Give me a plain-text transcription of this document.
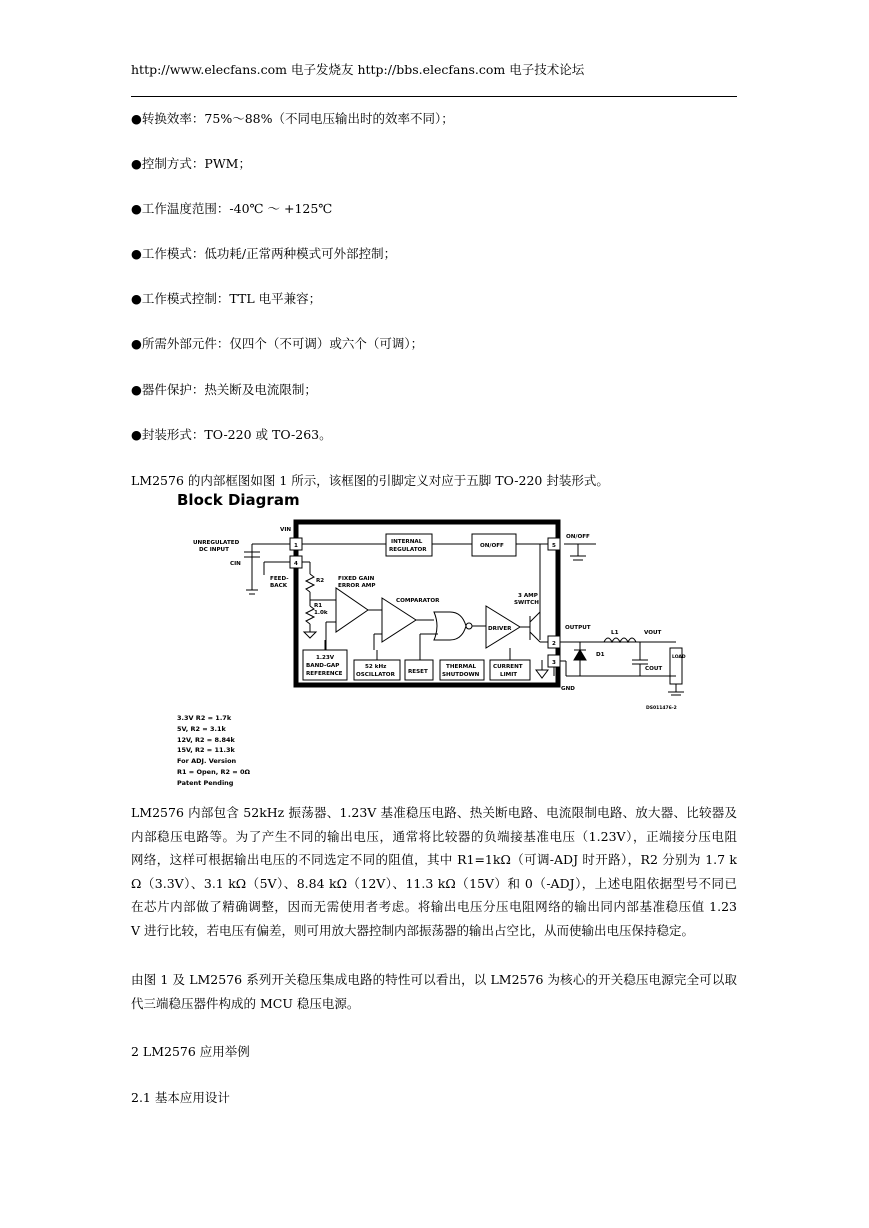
http://www.elecfans.com 电子发烧友 http://bbs.elecfans.com 电子技术论坛
●转换效率：75%～88%（不同电压输出时的效率不同）；
●控制方式：PWM；
●工作温度范围：-40℃ ～ +125℃
●工作模式：低功耗/正常两种模式可外部控制；
●工作模式控制：TTL 电平兼容；
●所需外部元件：仅四个（不可调）或六个（可调）；
●器件保护：热关断及电流限制；
●封装形式：TO-220 或 TO-263。
LM2576 的内部框图如图 1 所示，该框图的引脚定义对应于五脚 TO-220 封装形式。
Block Diagram
VIN
UNREGULATED
DC INPUT
CIN
FEED-
BACK
INTERNAL
REGULATOR
ON/OFF
ON/OFF
R2
R1
1.0k
FIXED GAIN
ERROR AMP
COMPARATOR
3 AMP
SWITCH
DRIVER	OUTPUT
L1	VOUT
D1
COUT
LOAD
GND
1.23V
BAND-GAP
REFERENCE
52 kHz
OSCILLATOR RESET
THERMAL
SHUTDOWN
CURRENT
LIMIT
DS011476-2
1
4
5
2
3
3.3V R2 = 1.7k
5V, R2 = 3.1k
12V, R2 = 8.84k
15V, R2 = 11.3k
For ADJ. Version
R1 = Open, R2 = 0Ω
Patent Pending
LM2576 内部包含 52kHz 振荡器、1.23V 基准稳压电路、热关断电路、电流限制电路、放大器、比较器及
内部稳压电路等。为了产生不同的输出电压，通常将比较器的负端接基准电压（1.23V），正端接分压电阻
网络，这样可根据输出电压的不同选定不同的阻值，其中 R1=1kΩ（可调-ADJ 时开路），R2 分别为 1.7 k
Ω（3.3V）、3.1 kΩ（5V）、8.84 kΩ（12V）、11.3 kΩ（15V）和 0（-ADJ），上述电阻依据型号不同已
在芯片内部做了精确调整，因而无需使用者考虑。将输出电压分压电阻网络的输出同内部基准稳压值 1.23
V 进行比较，若电压有偏差，则可用放大器控制内部振荡器的输出占空比，从而使输出电压保持稳定。
由图 1 及 LM2576 系列开关稳压集成电路的特性可以看出，以 LM2576 为核心的开关稳压电源完全可以取
代三端稳压器件构成的 MCU 稳压电源。
2 LM2576 应用举例
2.1 基本应用设计
